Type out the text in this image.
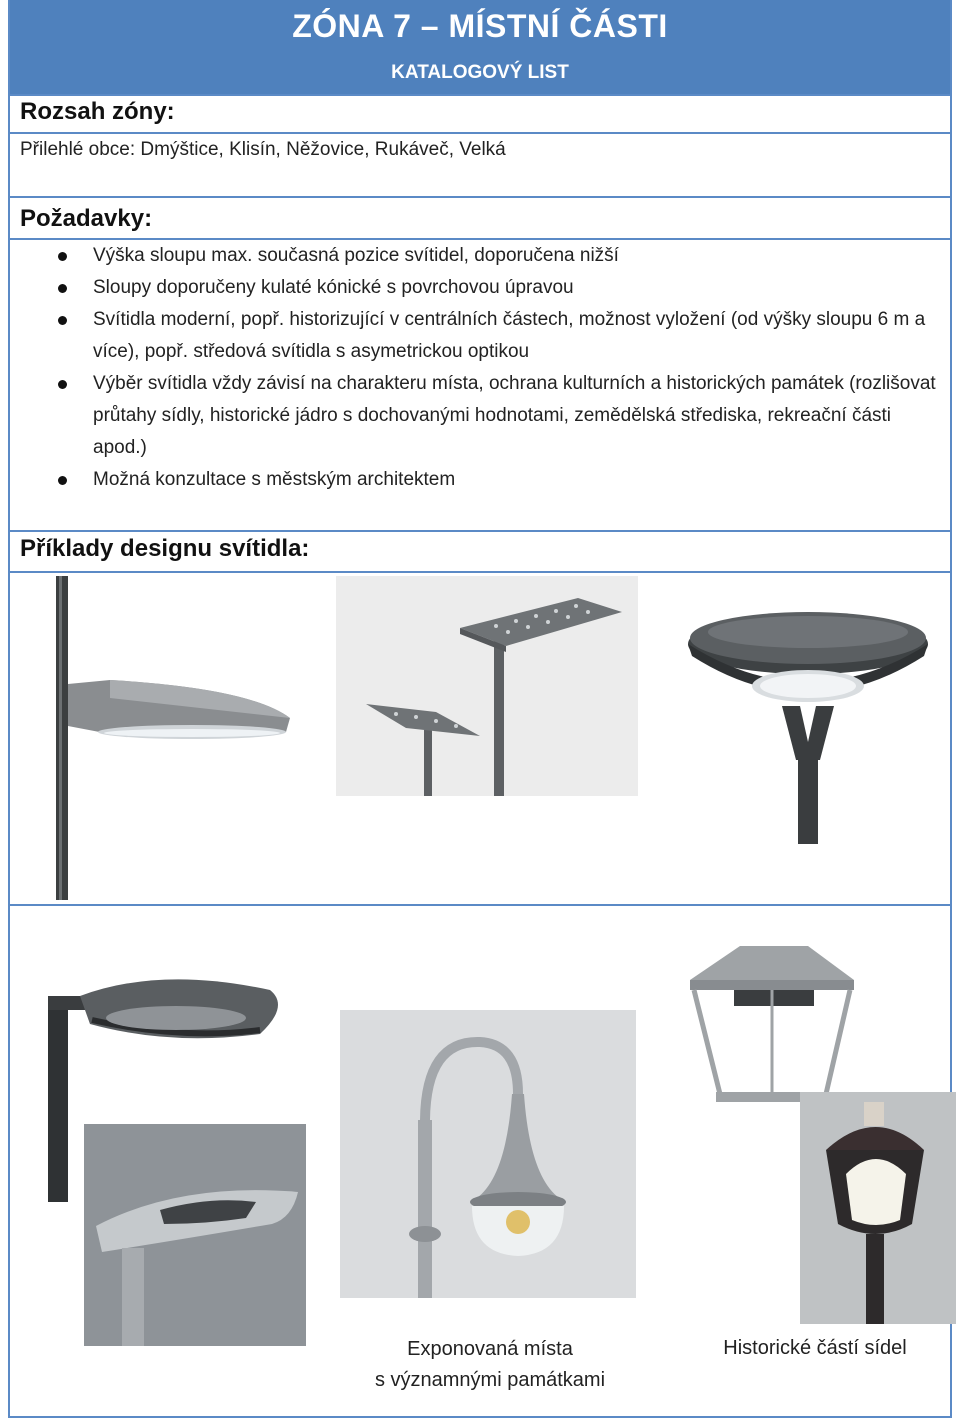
ZÓNA 7 – MÍSTNÍ ČÁSTI
KATALOGOVÝ LIST
Rozsah zóny:
Přilehlé obce: Dmýštice, Klisín, Něžovice, Rukáveč, Velká
Požadavky:
Výška sloupu max. současná pozice svítidel, doporučena nižší
Sloupy doporučeny kulaté kónické s povrchovou úpravou
Svítidla moderní, popř. historizující v centrálních částech, možnost vyložení (od výšky sloupu 6 m a více), popř. středová svítidla s asymetrickou optikou
Výběr svítidla vždy závisí na charakteru místa, ochrana kulturních a historických památek (rozlišovat průtahy sídly, historické jádro s dochovanými hodnotami, zemědělská střediska, rekreační části apod.)
Možná konzultace s městským architektem
Příklady designu svítidla:
Exponovaná místa
s významnými památkami
Historické částí sídel
